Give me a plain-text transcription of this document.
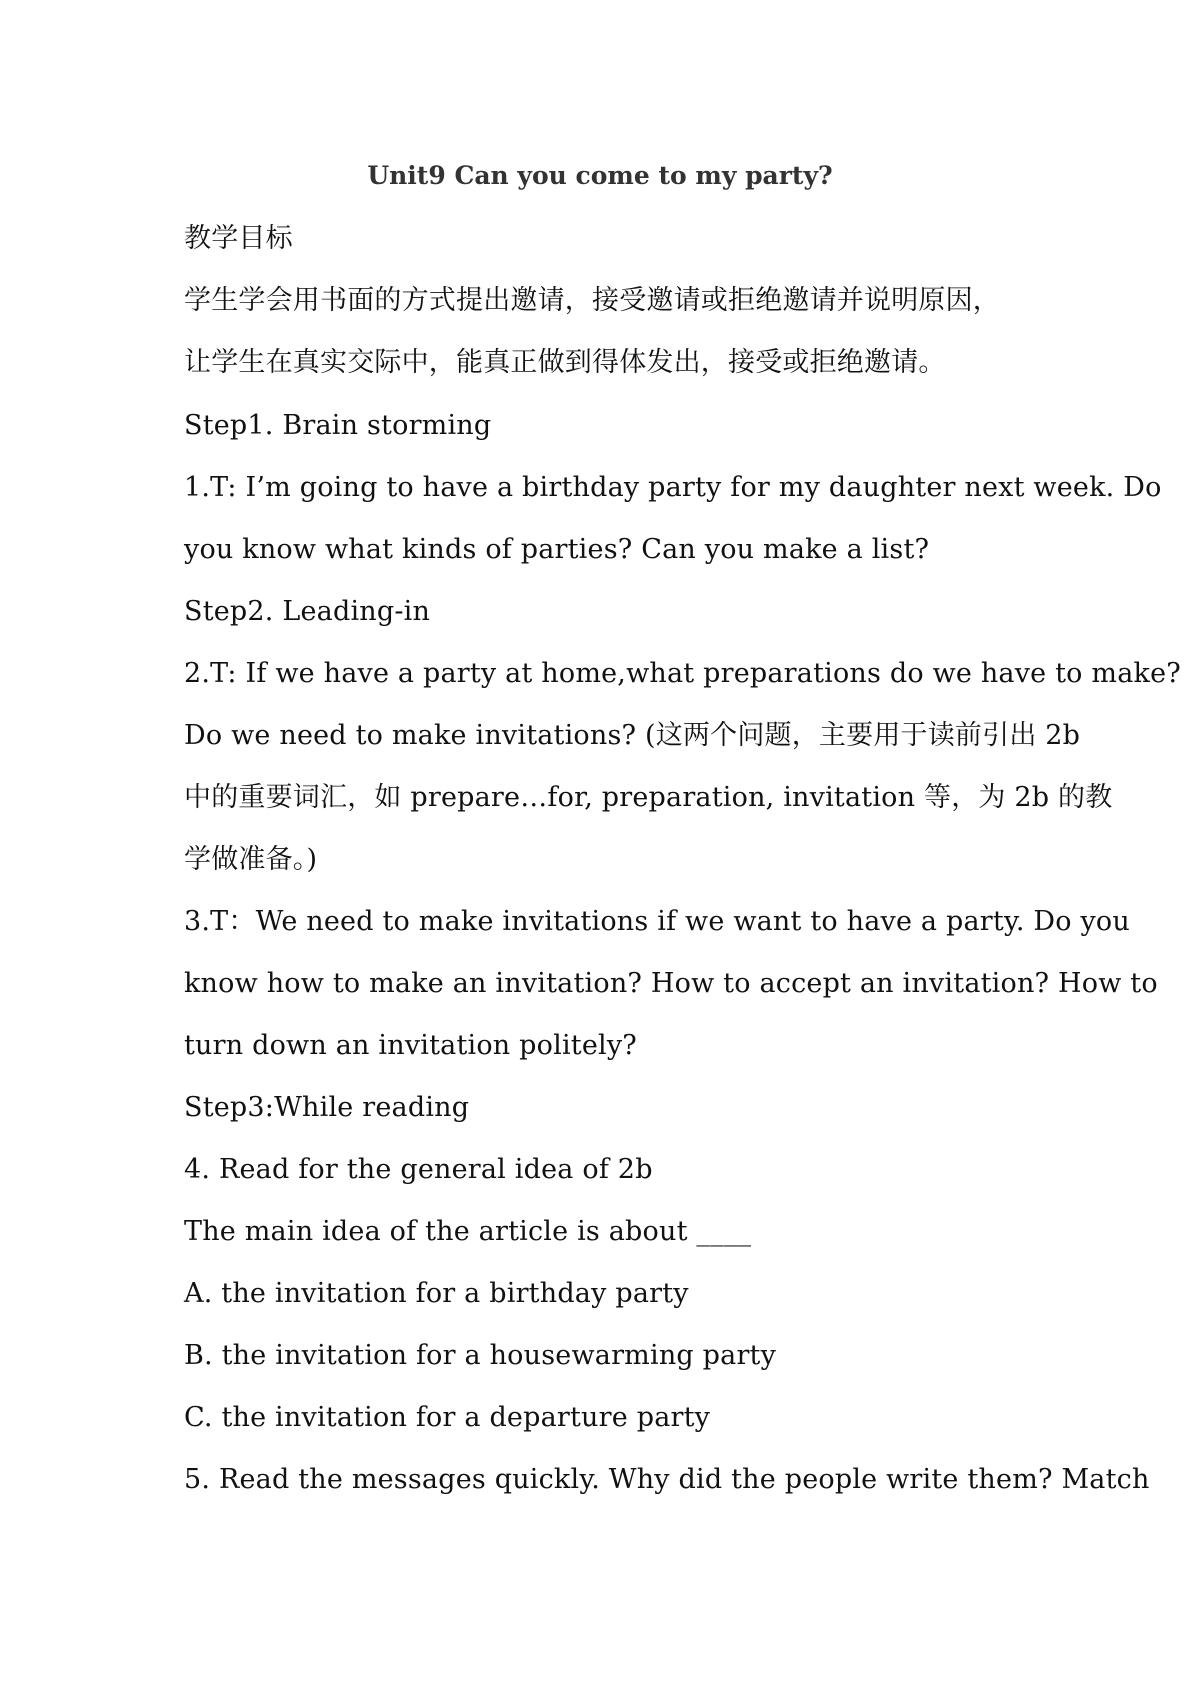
Unit9 Can you come to my party?
教学目标
学生学会用书面的方式提出邀请，接受邀请或拒绝邀请并说明原因，
让学生在真实交际中，能真正做到得体发出，接受或拒绝邀请。
Step1. Brain storming
1.T: I’m going to have a birthday party for my daughter next week. Do
you know what kinds of parties? Can you make a list?
Step2. Leading-in
2.T: If we have a party at home,what preparations do we have to make?
Do we need to make invitations? (这两个问题，主要用于读前引出 2b
中的重要词汇，如 prepare…for, preparation, invitation 等，为 2b 的教
学做准备。)
3.T：We need to make invitations if we want to have a party. Do you
know how to make an invitation? How to accept an invitation? How to
turn down an invitation politely?
Step3:While reading
4. Read for the general idea of 2b
The main idea of the article is about ____
A. the invitation for a birthday party
B. the invitation for a housewarming party
C. the invitation for a departure party
5. Read the messages quickly. Why did the people write them? Match
